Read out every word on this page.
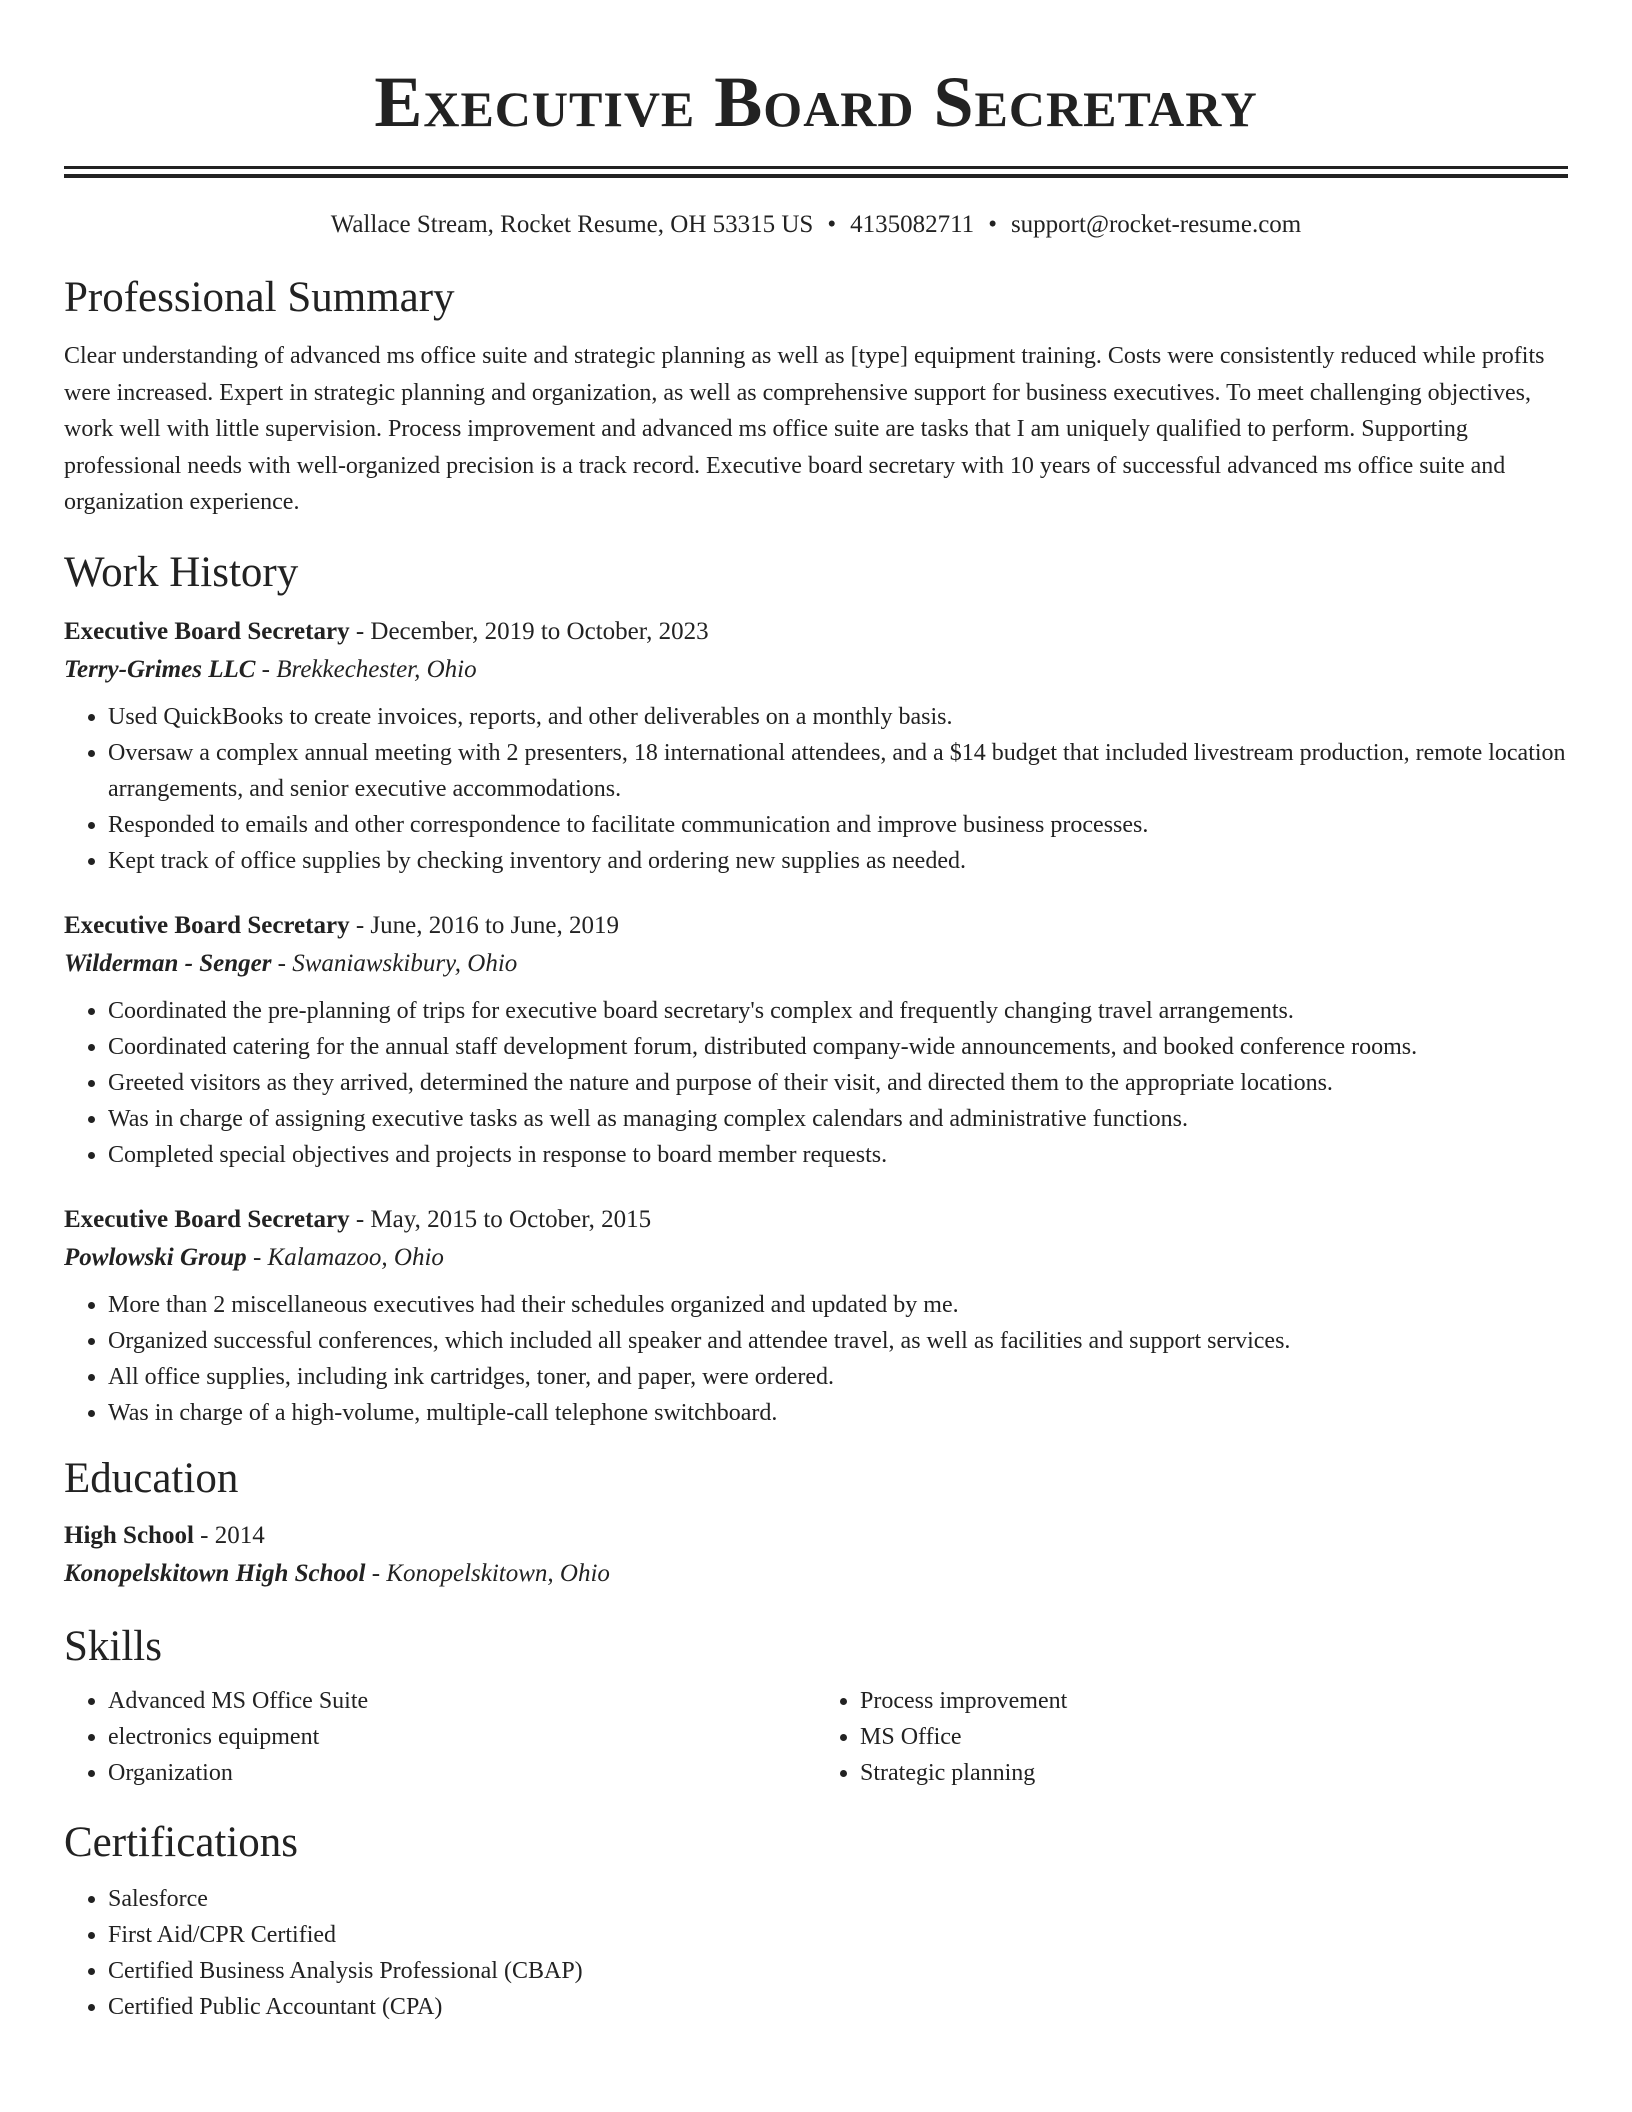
Executive Board Secretary
Wallace Stream, Rocket Resume, OH 53315 US • 4135082711 • support@rocket-resume.com
Professional Summary

Clear understanding of advanced ms office suite and strategic planning as well as [type] equipment training. Costs were consistently reduced while profits were increased. Expert in strategic planning and organization, as well as comprehensive support for business executives. To meet challenging objectives, work well with little supervision. Process improvement and advanced ms office suite are tasks that I am uniquely qualified to perform. Supporting professional needs with well-organized precision is a track record. Executive board secretary with 10 years of successful advanced ms office suite and organization experience.

Work History
Executive Board Secretary - December, 2019 to October, 2023
Terry-Grimes LLC - Brekkechester, Ohio
• Used QuickBooks to create invoices, reports, and other deliverables on a monthly basis.
• Oversaw a complex annual meeting with 2 presenters, 18 international attendees, and a $14 budget that included livestream production, remote location arrangements, and senior executive accommodations.
• Responded to emails and other correspondence to facilitate communication and improve business processes.
• Kept track of office supplies by checking inventory and ordering new supplies as needed.
Executive Board Secretary - June, 2016 to June, 2019
Wilderman - Senger - Swaniawskibury, Ohio
• Coordinated the pre-planning of trips for executive board secretary's complex and frequently changing travel arrangements.
• Coordinated catering for the annual staff development forum, distributed company-wide announcements, and booked conference rooms.
• Greeted visitors as they arrived, determined the nature and purpose of their visit, and directed them to the appropriate locations.
• Was in charge of assigning executive tasks as well as managing complex calendars and administrative functions.
• Completed special objectives and projects in response to board member requests.
Executive Board Secretary - May, 2015 to October, 2015
Powlowski Group - Kalamazoo, Ohio
• More than 2 miscellaneous executives had their schedules organized and updated by me.
• Organized successful conferences, which included all speaker and attendee travel, as well as facilities and support services.
• All office supplies, including ink cartridges, toner, and paper, were ordered.
• Was in charge of a high-volume, multiple-call telephone switchboard.
Education
High School - 2014
Konopelskitown High School - Konopelskitown, Ohio
Skills
• Advanced MS Office Suite
• electronics equipment
• Organization
• Process improvement
• MS Office
• Strategic planning
Certifications
• Salesforce
• First Aid/CPR Certified
• Certified Business Analysis Professional (CBAP)
• Certified Public Accountant (CPA)
